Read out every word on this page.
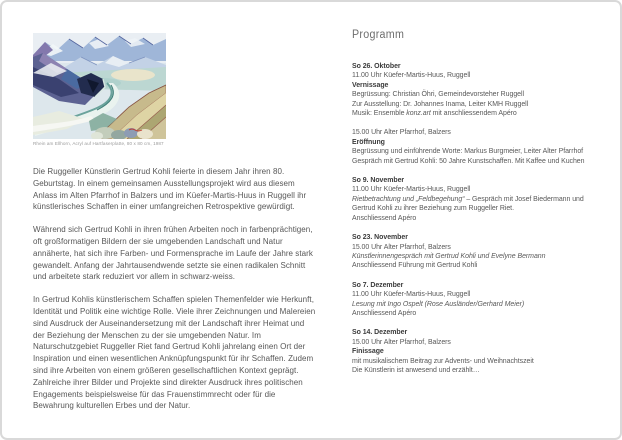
Rhein am Ellhorn, Acryl auf Hartfaserplatte, 80 x 80 cm, 1987

Die Ruggeller Künstlerin Gertrud Kohli feierte in diesem Jahr ihren 80. Geburtstag. In einem gemeinsamen Ausstellungsprojekt wird aus diesem Anlass im Alten Pfarrhof in Balzers und im Küefer-Martis-Huus in Ruggell ihr künstlerisches Schaffen in einer umfangreichen Retrospektive gewürdigt.

Während sich Gertrud Kohli in ihren frühen Arbeiten noch in farbenprächtigen, oft großformatigen Bildern der sie umgebenden Landschaft und Natur annäherte, hat sich ihre Farben- und Formensprache im Laufe der Jahre stark gewandelt. Anfang der Jahrtausendwende setzte sie einen radikalen Schnitt und arbeitete stark reduziert vor allem in schwarz-weiss.

In Gertrud Kohlis künstlerischem Schaffen spielen Themenfelder wie Herkunft, Identität und Politik eine wichtige Rolle. Viele ihrer Zeichnungen und Malereien sind Ausdruck der Auseinandersetzung mit der Landschaft ihrer Heimat und der Beziehung der Menschen zu der sie umgebenden Natur. Im Naturschutzgebiet Ruggeller Riet fand Gertrud Kohli jahrelang einen Ort der Inspiration und einen wesentlichen Anknüpfungspunkt für ihr Schaffen. Zudem sind ihre Arbeiten von einem größeren gesellschaftlichen Kontext geprägt. Zahlreiche ihrer Bilder und Projekte sind direkter Ausdruck ihres politischen Engagements beispielsweise für das Frauenstimmrecht oder für die Bewahrung kulturellen Erbes und der Natur.

Programm
So 26. Oktober
11.00 Uhr Küefer-Martis-Huus, Ruggell
Vernissage
Begrüssung: Christian Öhri, Gemeindevorsteher Ruggell
Zur Ausstellung: Dr. Johannes Inama, Leiter KMH Ruggell
Musik: Ensemble konz.art mit anschliessendem Apéro
15.00 Uhr Alter Pfarrhof, Balzers
Eröffnung
Begrüssung und einführende Worte: Markus Burgmeier, Leiter Alter Pfarrhof
Gespräch mit Gertrud Kohli: 50 Jahre Kunstschaffen. Mit Kaffee und Kuchen
So 9. November
11.00 Uhr Küefer-Martis-Huus, Ruggell
Rietbetrachtung und „Feldbegehung“ – Gespräch mit Josef Biedermann und
Gertrud Kohli zu ihrer Beziehung zum Ruggeller Riet.
Anschliessend Apéro
So 23. November
15.00 Uhr Alter Pfarrhof, Balzers
Künstlerinnengespräch mit Gertrud Kohli und Evelyne Bermann
Anschliessend Führung mit Gertrud Kohli
So 7. Dezember
11.00 Uhr Küefer-Martis-Huus, Ruggell
Lesung mit Ingo Ospelt (Rose Ausländer/Gerhard Meier)
Anschliessend Apéro
So 14. Dezember
15.00 Uhr Alter Pfarrhof, Balzers
Finissage
mit musikalischem Beitrag zur Advents- und Weihnachtszeit
Die Künstlerin ist anwesend und erzählt…
